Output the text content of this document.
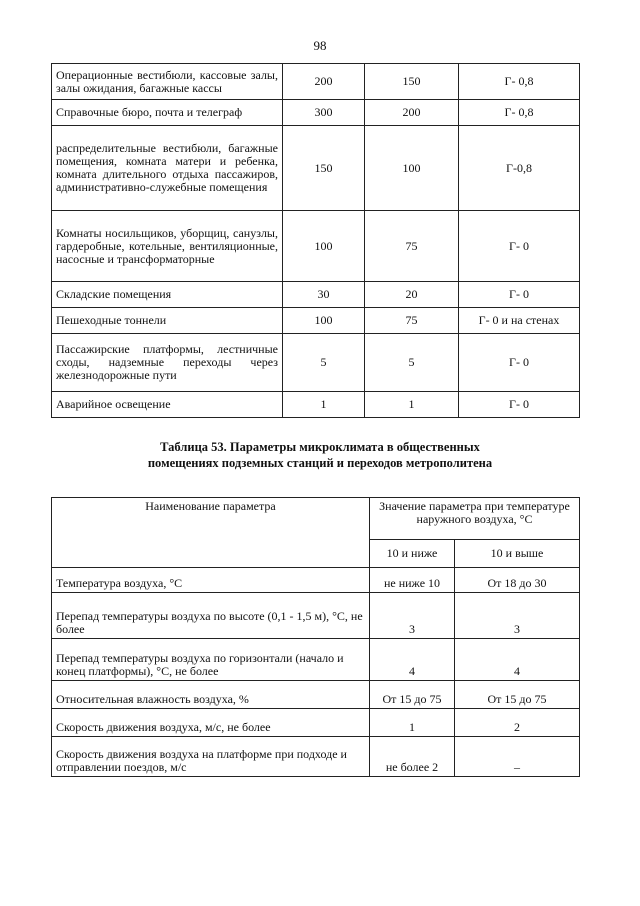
98
Операционные вестибюли, кассовые залы, залы ожидания, багажные кассы	200	150	Г- 0,8
Справочные бюро, почта и телеграф	300	200	Г- 0,8
распределительные вестибюли, багажные помещения, комната матери и ребенка, комната длительного отдыха пассажиров, административно-служебные помещения	150	100	Г-0,8
Комнаты носильщиков, уборщиц, санузлы, гардеробные, котельные, вентиляционные, насосные и трансформаторные	100	75	Г- 0
Складские помещения	30	20	Г- 0
Пешеходные тоннели	100	75	Г- 0 и на стенах
Пассажирские платформы, лестничные сходы, надземные переходы через железнодорожные пути	5	5	Г- 0
Аварийное освещение	1	1	Г- 0
Таблица 53. Параметры микроклимата в общественных
помещениях подземных станций и переходов метрополитена
Наименование параметра	Значение параметра при температуре наружного воздуха, °С	
	10 и ниже	10 и выше
Температура воздуха, °С	не ниже 10	От 18 до 30
Перепад температуры воздуха по высоте (0,1 - 1,5 м), °С, не более	3	3
Перепад температуры воздуха по горизонтали (начало и конец платформы), °С, не более	4	4
Относительная влажность воздуха, %	От 15 до 75	От 15 до 75
Скорость движения воздуха, м/с, не более	1	2
Скорость движения воздуха на платформе при подходе и отправлении поездов, м/с	не более 2	–
